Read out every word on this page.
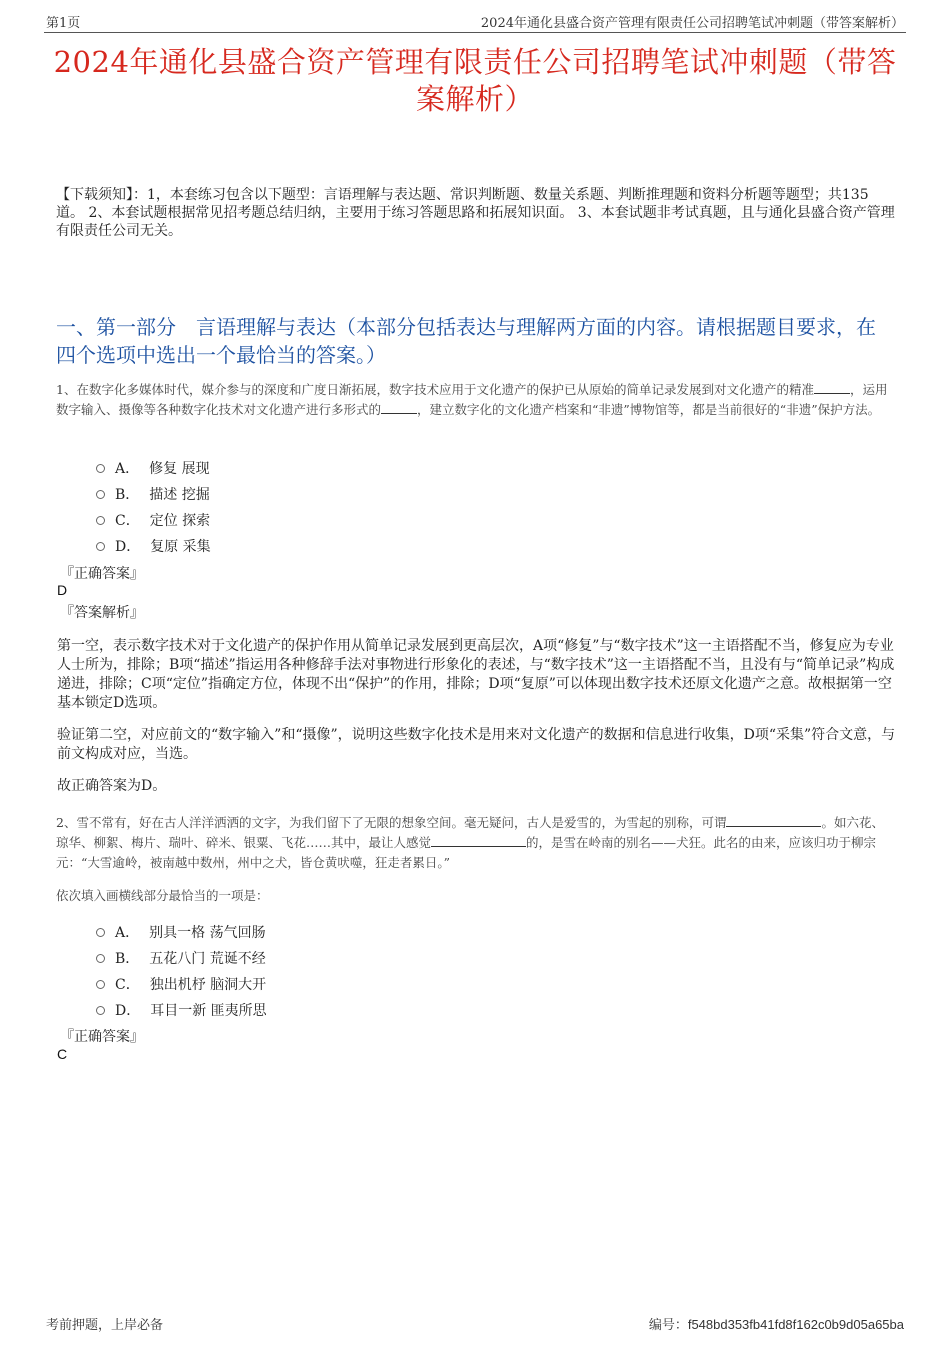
第1页	2024年通化县盛合资产管理有限责任公司招聘笔试冲刺题（带答案解析）
2024年通化县盛合资产管理有限责任公司招聘笔试冲刺题（带答案解析）
【下载须知】：1，本套练习包含以下题型：言语理解与表达题、常识判断题、数量关系题、判断推理题和资料分析题等题型；共135道。 2、本套试题根据常见招考题总结归纳，主要用于练习答题思路和拓展知识面。 3、本套试题非考试真题，且与通化县盛合资产管理有限责任公司无关。
一、第一部分　言语理解与表达（本部分包括表达与理解两方面的内容。请根据题目要求，在四个选项中选出一个最恰当的答案。）
1、在数字化多媒体时代，媒介参与的深度和广度日渐拓展，数字技术应用于文化遗产的保护已从原始的简单记录发展到对文化遗产的精准	，运用数字输入、摄像等各种数字化技术对文化遗产进行多形式的	，建立数字化的文化遗产档案和“非遗”博物馆等，都是当前很好的“非遗”保护方法。
A． 修复 展现
B． 描述 挖掘
C． 定位 探索
D． 复原 采集
『正确答案』
D
『答案解析』
第一空，表示数字技术对于文化遗产的保护作用从简单记录发展到更高层次，A项“修复”与“数字技术”这一主语搭配不当，修复应为专业人士所为，排除；B项“描述”指运用各种修辞手法对事物进行形象化的表述，与“数字技术”这一主语搭配不当，且没有与“简单记录”构成递进，排除；C项“定位”指确定方位，体现不出“保护”的作用，排除；D项“复原”可以体现出数字技术还原文化遗产之意。故根据第一空基本锁定D选项。
验证第二空，对应前文的“数字输入”和“摄像”，说明这些数字化技术是用来对文化遗产的数据和信息进行收集，D项“采集”符合文意，与前文构成对应，当选。
故正确答案为D。
2、雪不常有，好在古人洋洋洒洒的文字，为我们留下了无限的想象空间。毫无疑问，古人是爱雪的，为雪起的别称，可谓	。如六花、琼华、柳絮、梅片、瑞叶、碎米、银粟、飞花……其中，最让人感觉	的，是雪在岭南的别名——犬狂。此名的由来，应该归功于柳宗元：“大雪逾岭，被南越中数州，州中之犬，皆仓黄吠噬，狂走者累日。”
依次填入画横线部分最恰当的一项是：
A． 别具一格 荡气回肠
B． 五花八门 荒诞不经
C． 独出机杼 脑洞大开
D． 耳目一新 匪夷所思
『正确答案』
C
考前押题，上岸必备	编号：f548bd353fb41fd8f162c0b9d05a65ba
